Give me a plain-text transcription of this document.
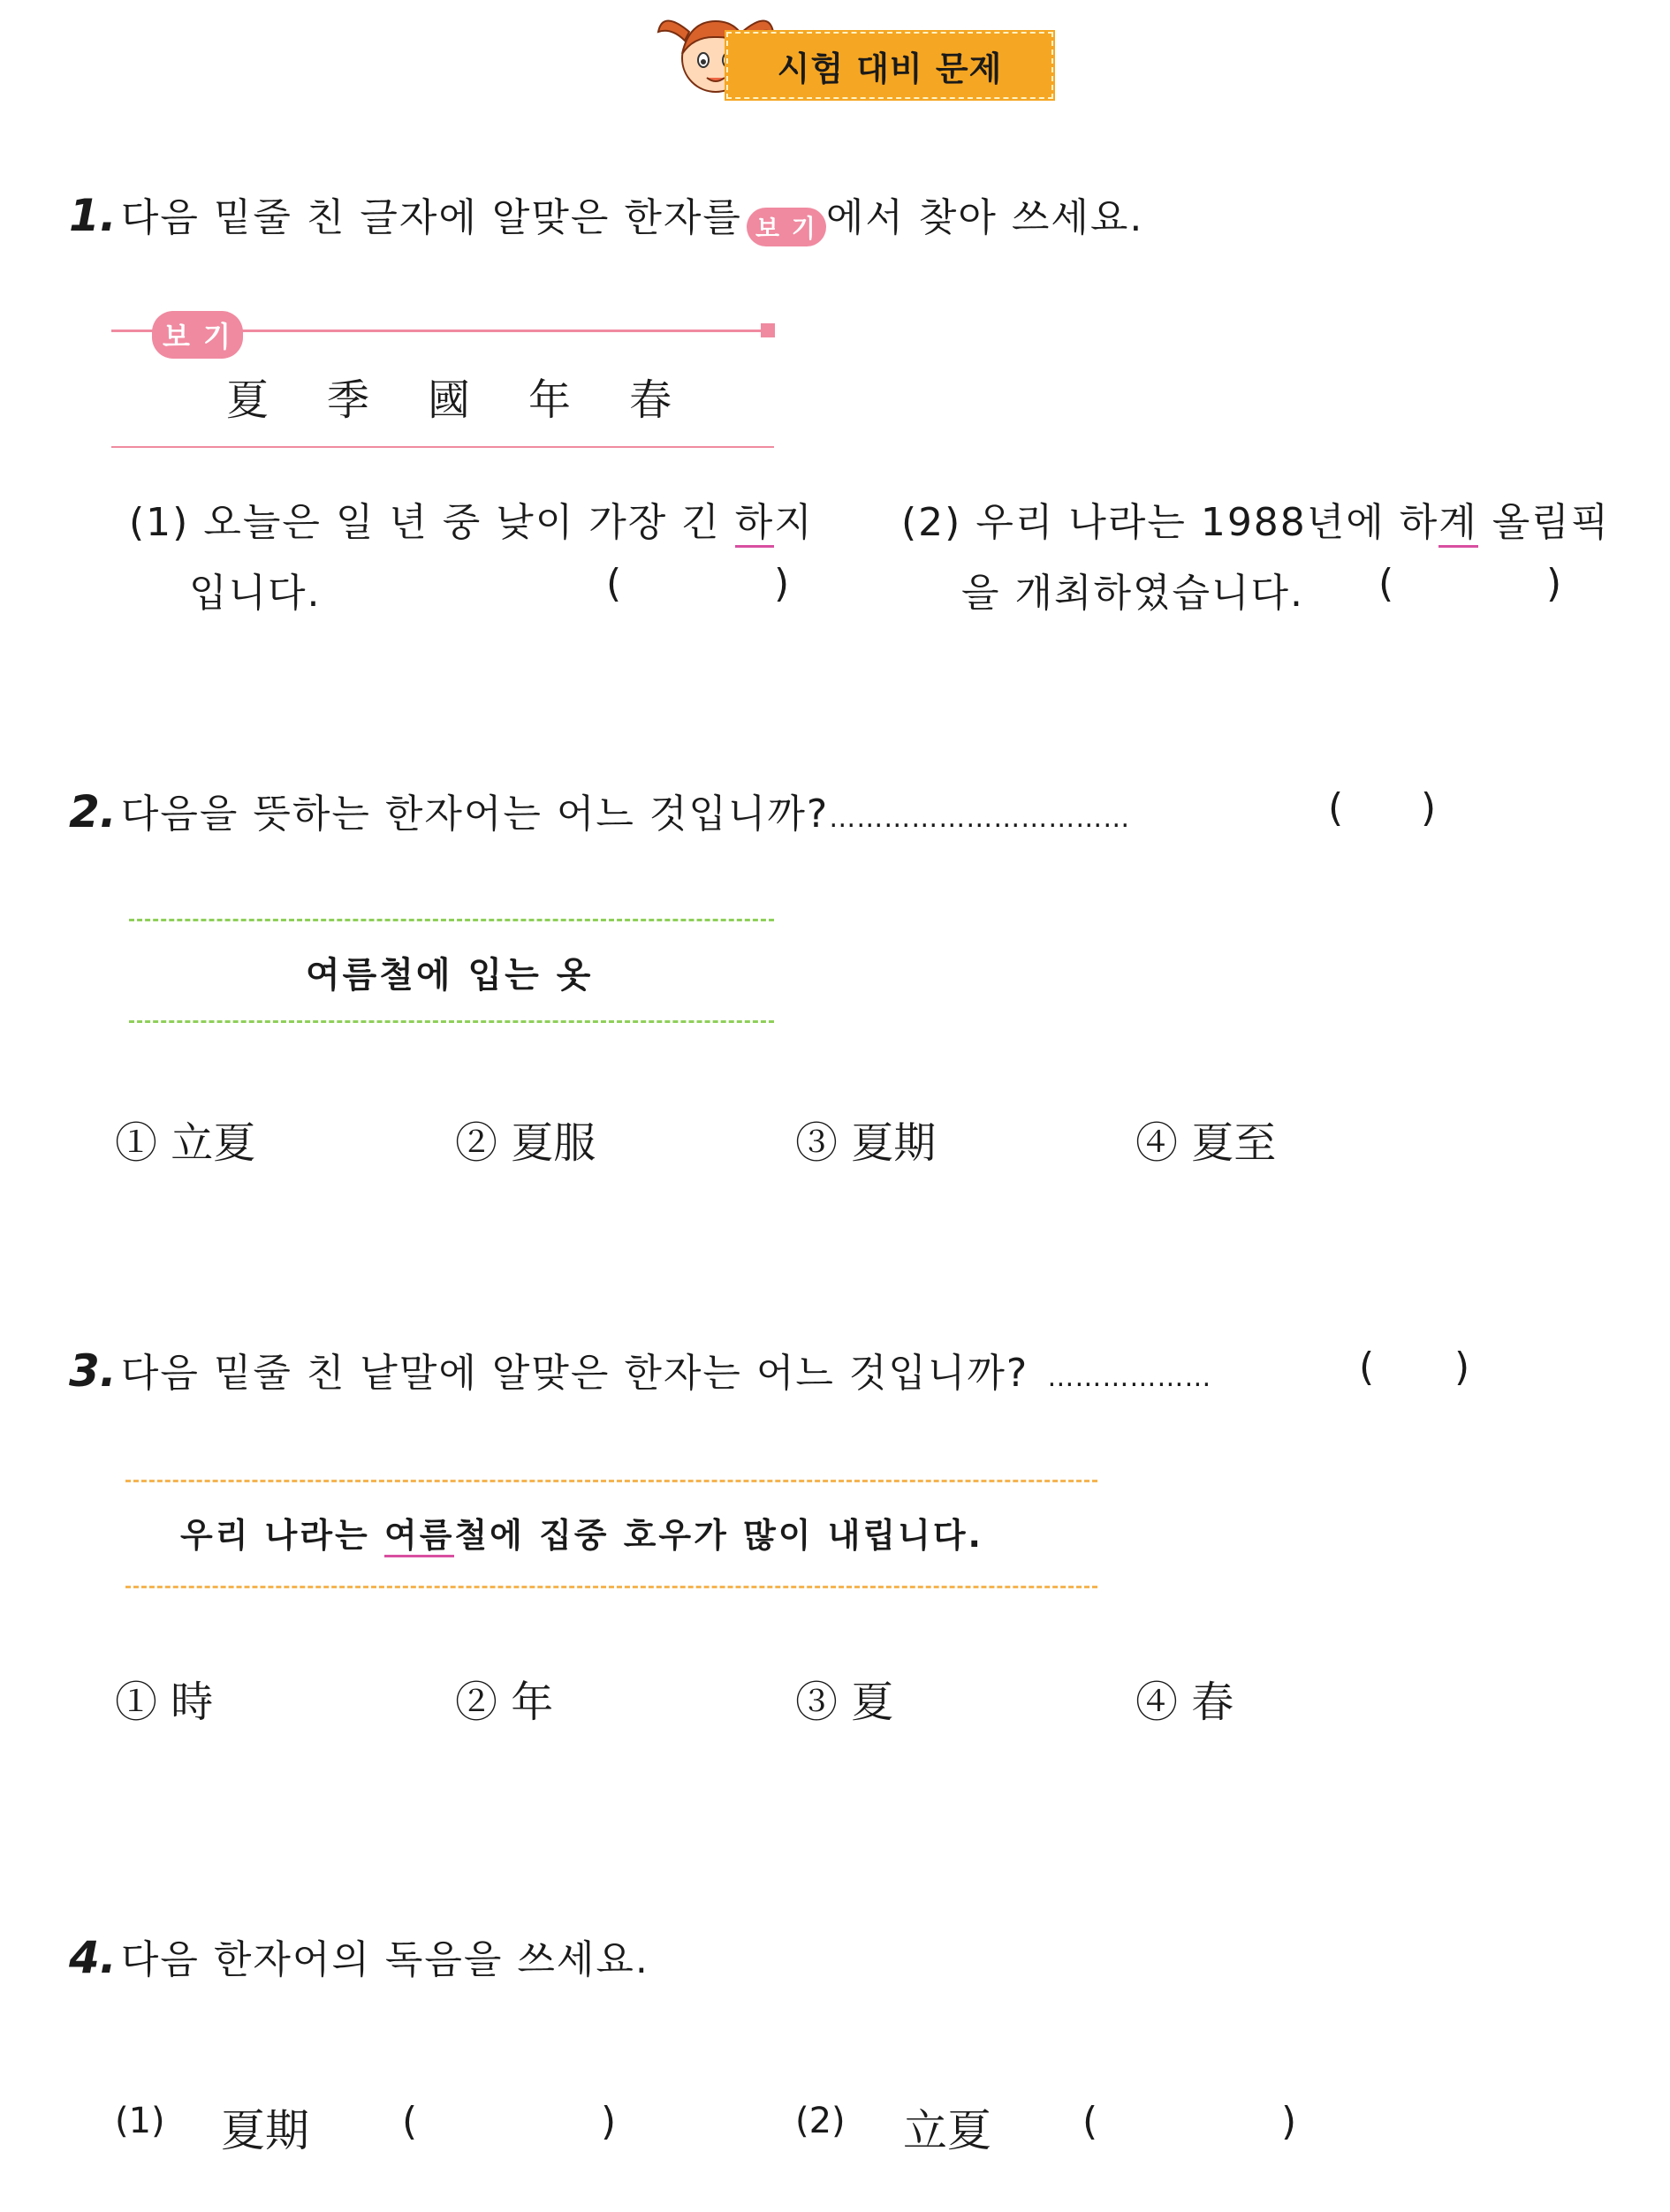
시험 대비 문제
1. 다음 밑줄 친 글자에 알맞은 한자를 보 기 에서 찾아 쓰세요.
보 기
夏 季 國 年 春
(1) 오늘은 일 년 중 낮이 가장 긴 하지
입니다.	(	)
(2) 우리 나라는 1988년에 하계 올림픽
을 개최하였습니다. (	)
2. 다음을 뜻하는 한자어는 어느 것입니까?……………………………	( )
여름철에 입는 옷
① 立夏	② 夏服	③ 夏期	④ 夏至
3. 다음 밑줄 친 낱말에 알맞은 한자는 어느 것입니까? ………………	( )
우리 나라는 여름철에 집중 호우가 많이 내립니다.
① 時	② 年	③ 夏	④ 春
4. 다음 한자어의 독음을 쓰세요.
(1) 夏期 (	)	(2) 立夏 (	)
